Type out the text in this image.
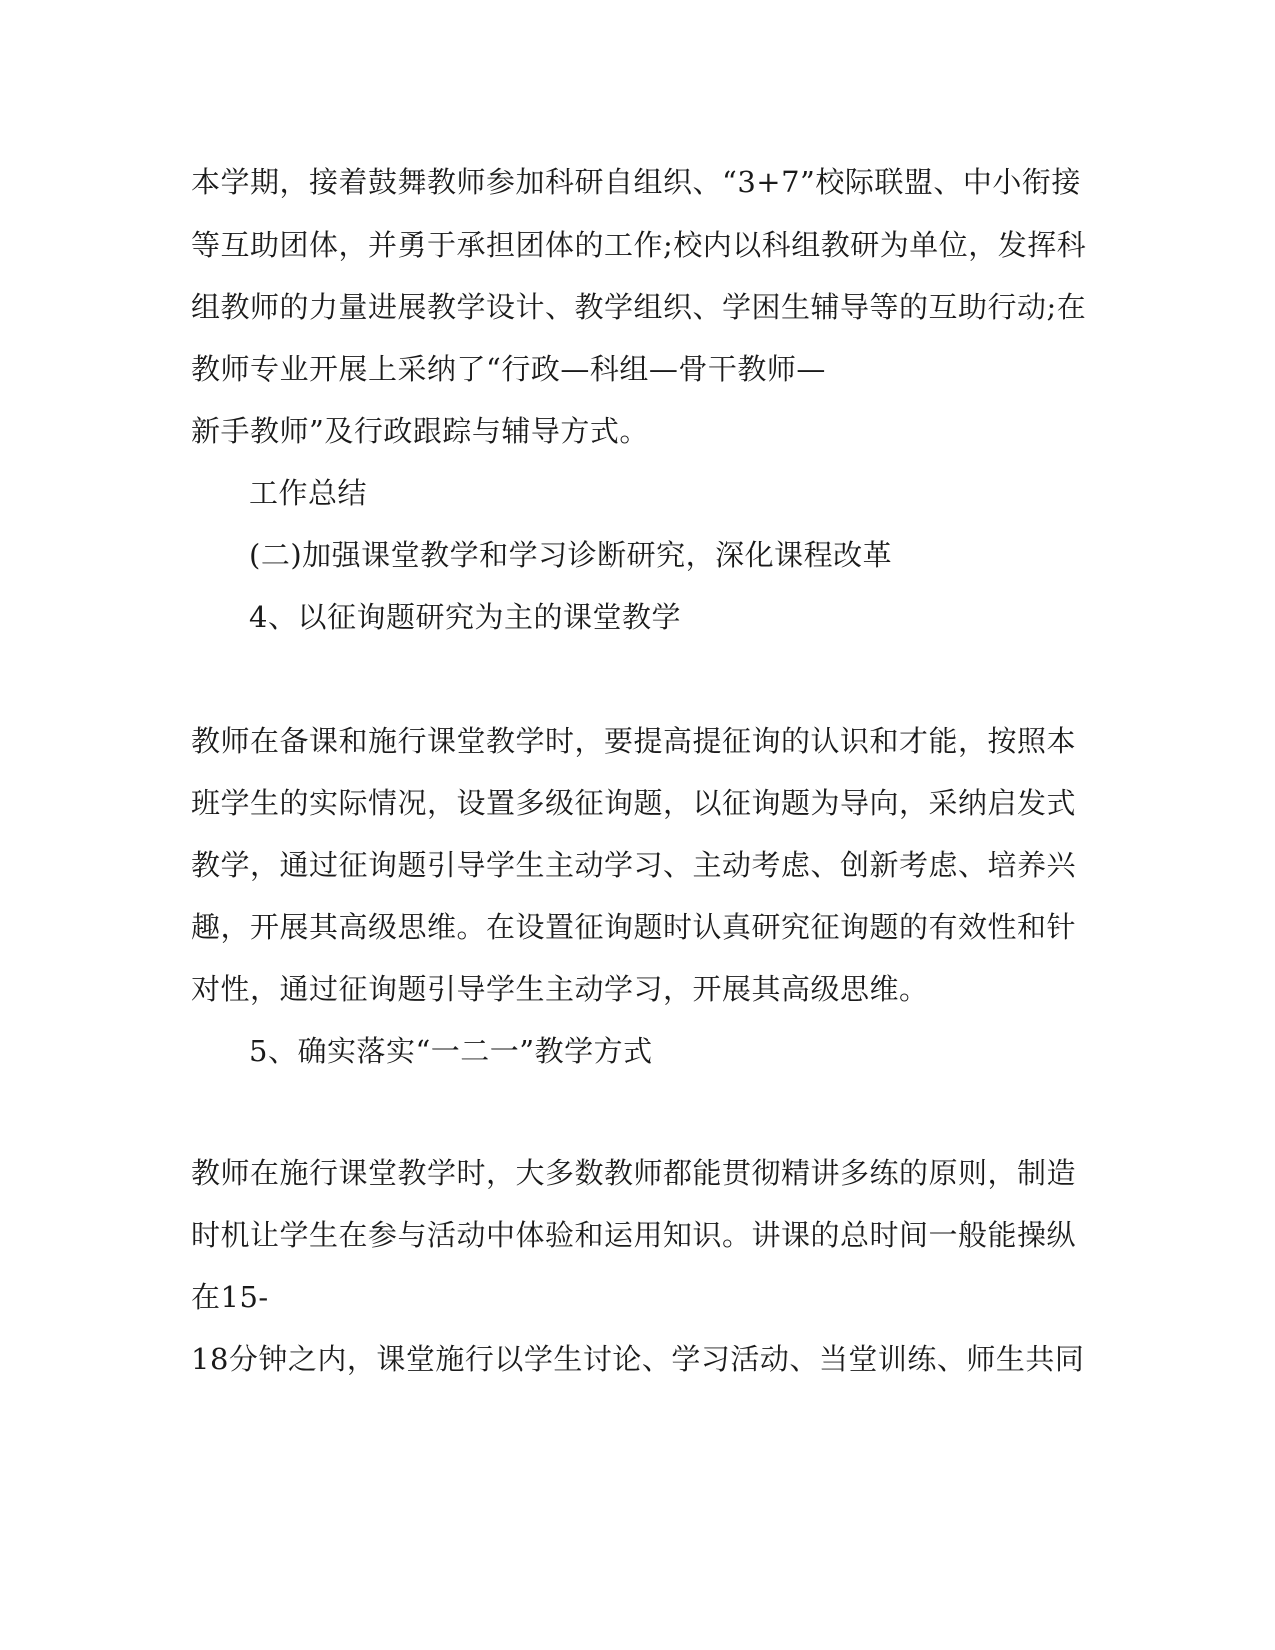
本学期，接着鼓舞教师参加科研自组织、“3+7”校际联盟、中小衔接
等互助团体，并勇于承担团体的工作;校内以科组教研为单位，发挥科
组教师的力量进展教学设计、教学组织、学困生辅导等的互助行动;在
教师专业开展上采纳了“行政—科组—骨干教师—
新手教师”及行政跟踪与辅导方式。
工作总结
(二)加强课堂教学和学习诊断研究，深化课程改革
4、以征询题研究为主的课堂教学
教师在备课和施行课堂教学时，要提高提征询的认识和才能，按照本
班学生的实际情况，设置多级征询题，以征询题为导向，采纳启发式
教学，通过征询题引导学生主动学习、主动考虑、创新考虑、培养兴
趣，开展其高级思维。在设置征询题时认真研究征询题的有效性和针
对性，通过征询题引导学生主动学习，开展其高级思维。
5、确实落实“一二一”教学方式
教师在施行课堂教学时，大多数教师都能贯彻精讲多练的原则，制造
时机让学生在参与活动中体验和运用知识。讲课的总时间一般能操纵
在15-
18分钟之内，课堂施行以学生讨论、学习活动、当堂训练、师生共同
